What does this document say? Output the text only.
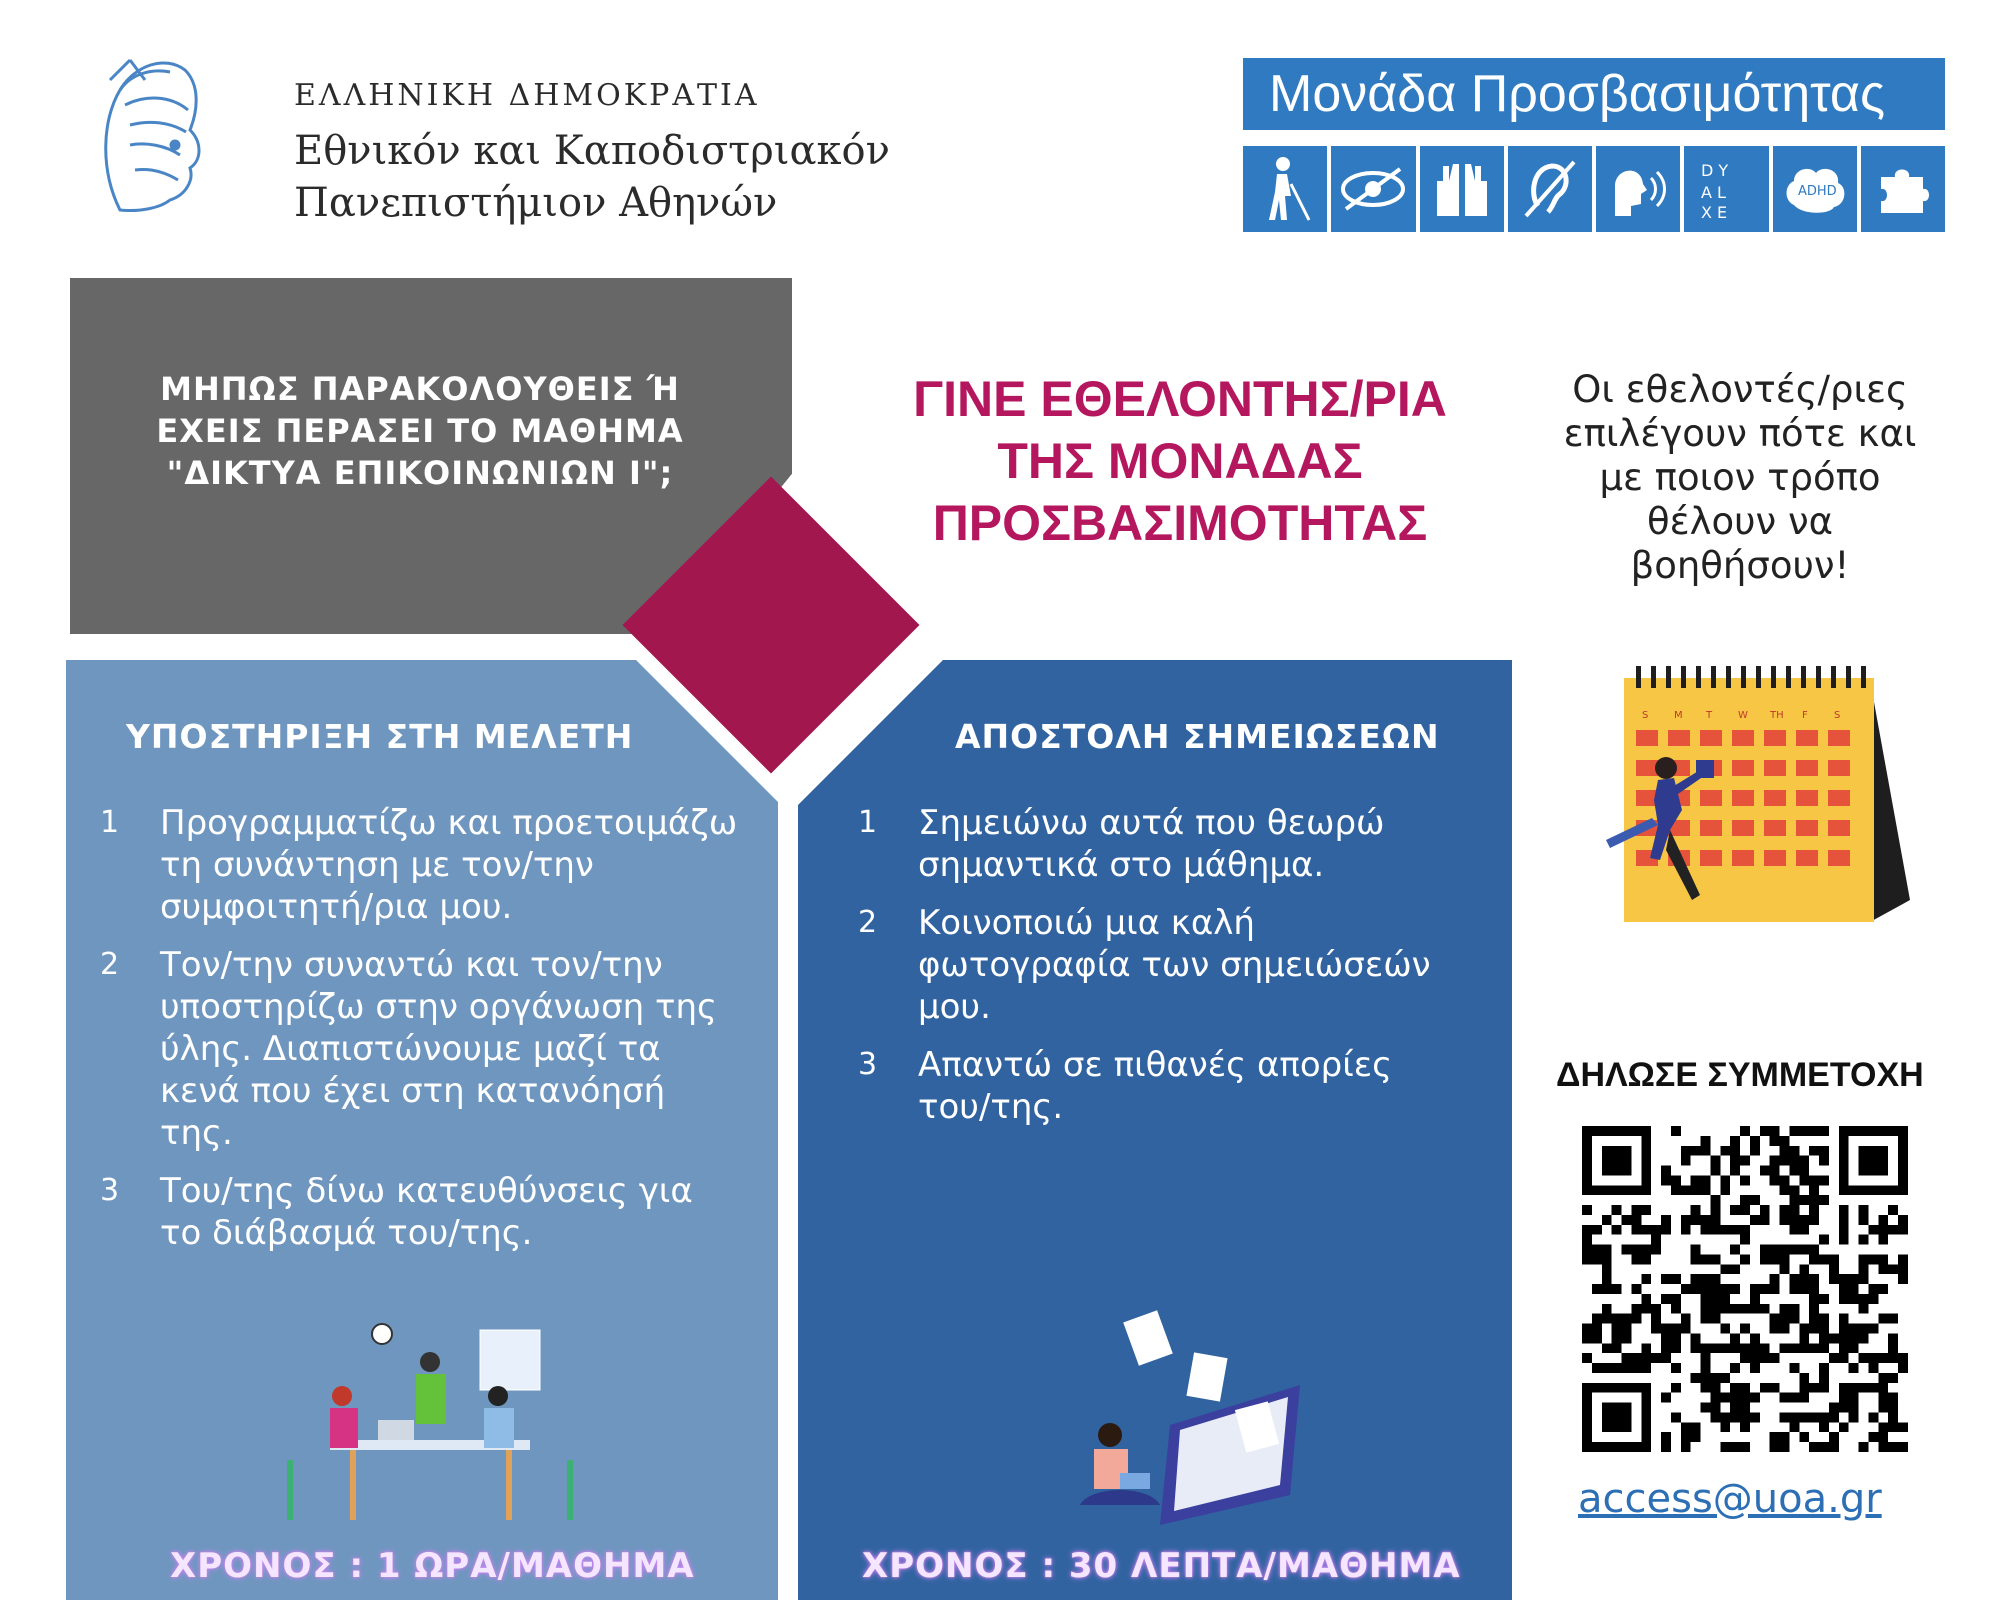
ΕΛΛΗΝΙΚΗ ΔΗΜΟΚΡΑΤΙΑ
Εθνικόν και Καποδιστριακόν
Πανεπιστήμιον Αθηνών
Μονάδα Προσβασιμότητας
D Y
A L
X E
ADHD
ΜΗΠΩΣ ΠΑΡΑΚΟΛΟΥΘΕΙΣ Ή ΕΧΕΙΣ ΠΕΡΑΣΕΙ ΤΟ ΜΑΘΗΜΑ "ΔΙΚΤΥΑ ΕΠΙΚΟΙΝΩΝΙΩΝ Ι";
ΓΙΝΕ ΕΘΕΛΟΝΤΗΣ/ΡΙΑ
ΤΗΣ ΜΟΝΑΔΑΣ
ΠΡΟΣΒΑΣΙΜΟΤΗΤΑΣ
Οι εθελοντές/ριες επιλέγουν πότε και με ποιον τρόπο θέλουν να βοηθήσουν!
S	M T	W TH F	S
ΥΠΟΣΤΗΡΙΞΗ ΣΤΗ ΜΕΛΕΤΗ
1 Προγραμματίζω και προετοιμάζω τη συνάντηση με τον/την συμφοιτητή/ρια μου.
2 Τον/την συναντώ και τον/την υποστηρίζω στην οργάνωση της ύλης. Διαπιστώνουμε μαζί τα κενά που έχει στη κατανόησή της.
3 Του/της δίνω κατευθύνσεις για το διάβασμά του/της.
ΧΡΟΝΟΣ : 1 ΩΡΑ/ΜΑΘΗΜΑ
ΑΠΟΣΤΟΛΗ ΣΗΜΕΙΩΣΕΩΝ
1 Σημειώνω αυτά που θεωρώ σημαντικά στο μάθημα.
2 Κοινοποιώ μια καλή φωτογραφία των σημειώσεών μου.
3 Απαντώ σε πιθανές απορίες του/της.
ΧΡΟΝΟΣ : 30 ΛΕΠΤΑ/ΜΑΘΗΜΑ
ΔΗΛΩΣΕ ΣΥΜΜΕΤΟΧΗ
access@uoa.gr
